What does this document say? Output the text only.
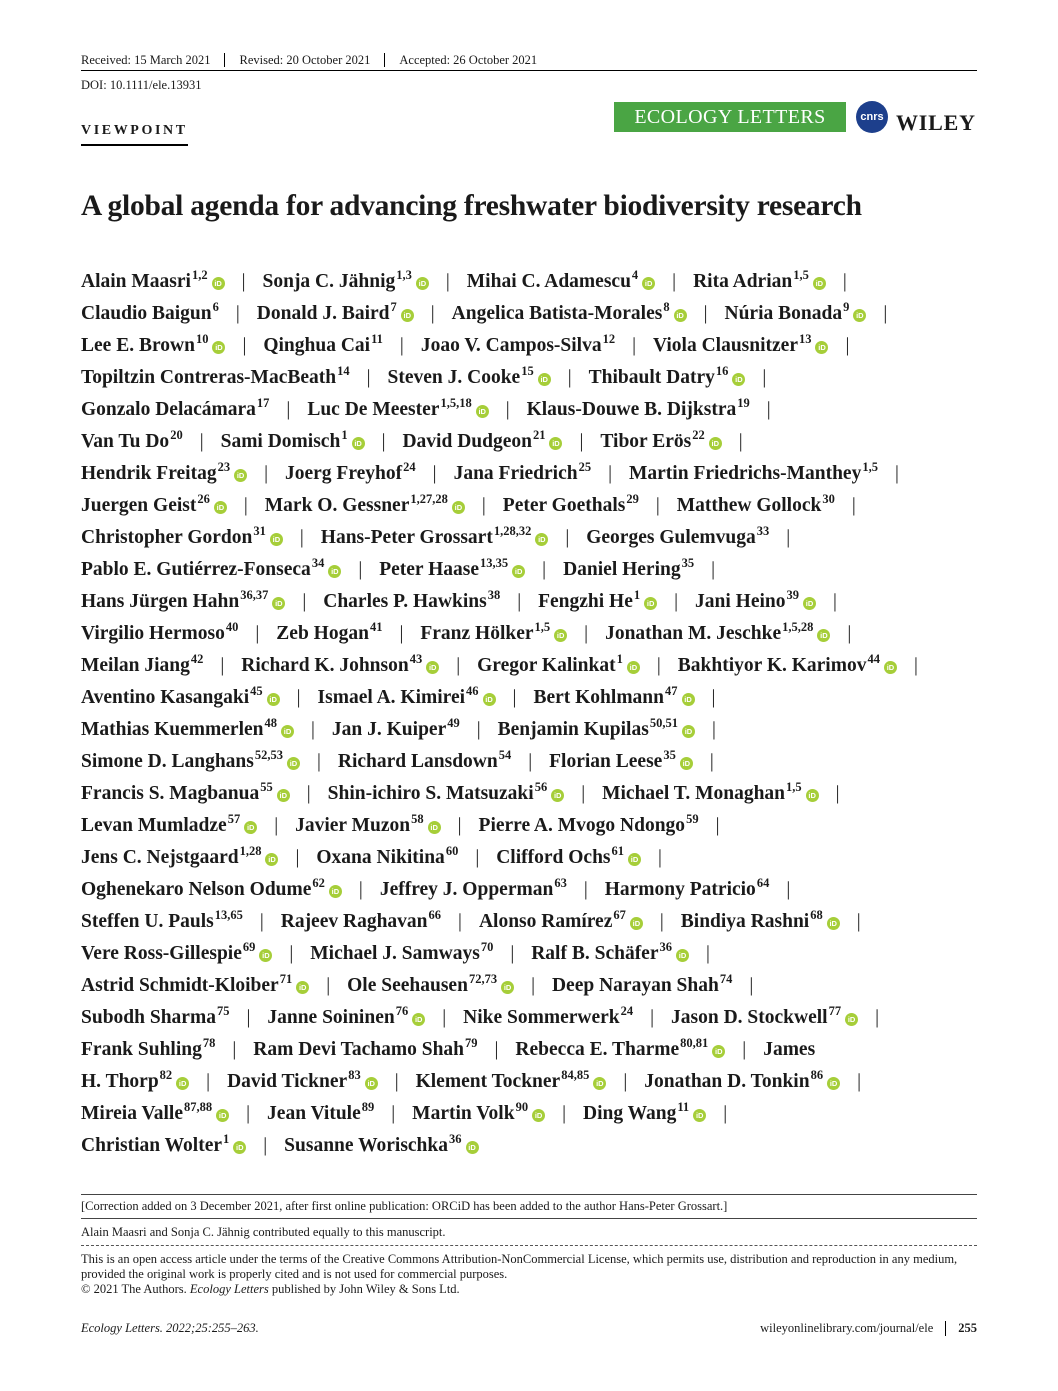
Received: 15 March 2021	Revised: 20 October 2021	Accepted: 26 October 2021
DOI: 10.1111/ele.13931
VIEWPOINT
ECOLOGY LETTERS	cnrs WILEY
A global agenda for advancing freshwater biodiversity research
Alain Maasri$^{1,2}$iD | Sonja C. Jähnig$^{1,3}$iD | Mihai C. Adamescu$^4$iD | Rita Adrian$^{1,5}$iD |
Claudio Baigun$^6$ | Donald J. Baird$^7$iD | Angelica Batista-Morales$^8$iD | Núria Bonada$^9$iD |
Lee E. Brown$^{10}$iD | Qinghua Cai$^{11}$ | Joao V. Campos-Silva$^{12}$ | Viola Clausnitzer$^{13}$iD |
Topiltzin Contreras-MacBeath$^{14}$ | Steven J. Cooke$^{15}$iD | Thibault Datry$^{16}$iD |
Gonzalo Delacámara$^{17}$ | Luc De Meester$^{1,5,18}$iD | Klaus-Douwe B. Dijkstra$^{19}$ |
Van Tu Do$^{20}$ | Sami Domisch$^1$iD | David Dudgeon$^{21}$iD | Tibor Erös$^{22}$iD |
Hendrik Freitag$^{23}$iD | Joerg Freyhof$^{24}$ | Jana Friedrich$^{25}$ | Martin Friedrichs-Manthey$^{1,5}$ |
Juergen Geist$^{26}$iD | Mark O. Gessner$^{1,27,28}$iD | Peter Goethals$^{29}$ | Matthew Gollock$^{30}$ |
Christopher Gordon$^{31}$iD | Hans-Peter Grossart$^{1,28,32}$iD | Georges Gulemvuga$^{33}$ |
Pablo E. Gutiérrez-Fonseca$^{34}$iD | Peter Haase$^{13,35}$iD | Daniel Hering$^{35}$ |
Hans Jürgen Hahn$^{36,37}$iD | Charles P. Hawkins$^{38}$ | Fengzhi He$^1$iD | Jani Heino$^{39}$iD |
Virgilio Hermoso$^{40}$ | Zeb Hogan$^{41}$ | Franz Hölker$^{1,5}$iD | Jonathan M. Jeschke$^{1,5,28}$iD |
Meilan Jiang$^{42}$ | Richard K. Johnson$^{43}$iD | Gregor Kalinkat$^1$iD | Bakhtiyor K. Karimov$^{44}$iD |
Aventino Kasangaki$^{45}$iD | Ismael A. Kimirei$^{46}$iD | Bert Kohlmann$^{47}$iD |
Mathias Kuemmerlen$^{48}$iD | Jan J. Kuiper$^{49}$ | Benjamin Kupilas$^{50,51}$iD |
Simone D. Langhans$^{52,53}$iD | Richard Lansdown$^{54}$ | Florian Leese$^{35}$iD |
Francis S. Magbanua$^{55}$iD | Shin-ichiro S. Matsuzaki$^{56}$iD | Michael T. Monaghan$^{1,5}$iD |
Levan Mumladze$^{57}$iD | Javier Muzon$^{58}$iD | Pierre A. Mvogo Ndongo$^{59}$ |
Jens C. Nejstgaard$^{1,28}$iD | Oxana Nikitina$^{60}$ | Clifford Ochs$^{61}$iD |
Oghenekaro Nelson Odume$^{62}$iD | Jeffrey J. Opperman$^{63}$ | Harmony Patricio$^{64}$ |
Steffen U. Pauls$^{13,65}$ | Rajeev Raghavan$^{66}$ | Alonso Ramírez$^{67}$iD | Bindiya Rashni$^{68}$iD |
Vere Ross-Gillespie$^{69}$iD | Michael J. Samways$^{70}$ | Ralf B. Schäfer$^{36}$iD |
Astrid Schmidt-Kloiber$^{71}$iD | Ole Seehausen$^{72,73}$iD | Deep Narayan Shah$^{74}$ |
Subodh Sharma$^{75}$ | Janne Soininen$^{76}$iD | Nike Sommerwerk$^{24}$ | Jason D. Stockwell$^{77}$iD |
Frank Suhling$^{78}$ | Ram Devi Tachamo Shah$^{79}$ | Rebecca E. Tharme$^{80,81}$iD | James
H. Thorp$^{82}$iD | David Tickner$^{83}$iD | Klement Tockner$^{84,85}$iD | Jonathan D. Tonkin$^{86}$iD |
Mireia Valle$^{87,88}$iD | Jean Vitule$^{89}$ | Martin Volk$^{90}$iD | Ding Wang$^{11}$iD |
Christian Wolter$^1$iD | Susanne Worischka$^{36}$iD
[Correction added on 3 December 2021, after first online publication: ORCiD has been added to the author Hans-Peter Grossart.]
Alain Maasri and Sonja C. Jähnig contributed equally to this manuscript.
This is an open access article under the terms of the Creative Commons Attribution-NonCommercial License, which permits use, distribution and reproduction in any medium, provided the original work is properly cited and is not used for commercial purposes.
© 2021 The Authors. Ecology Letters published by John Wiley & Sons Ltd.
Ecology Letters. 2022;25:255–263.	wileyonlinelibrary.com/journal/ele	255
